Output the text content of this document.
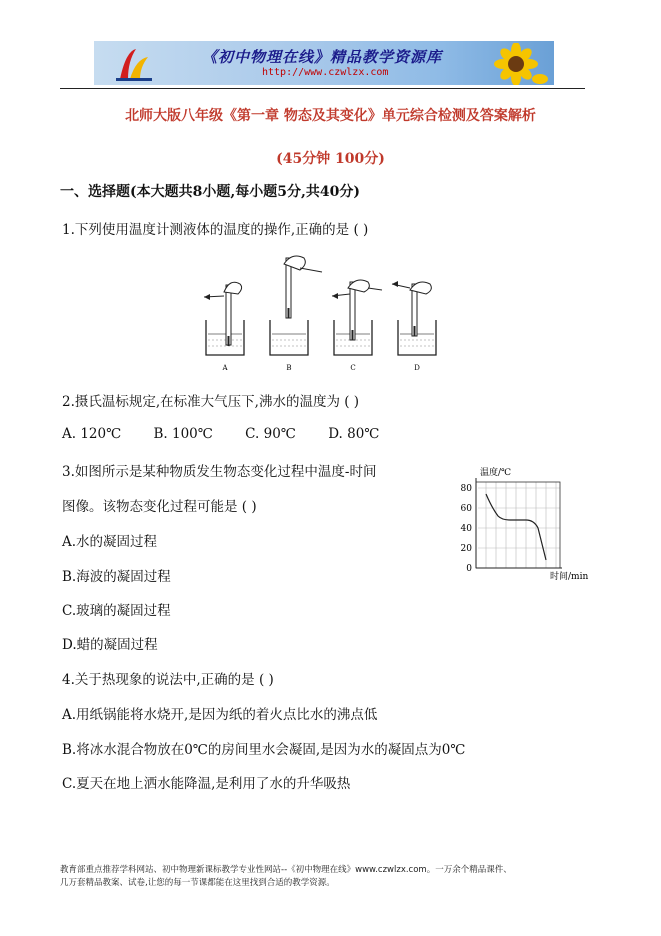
《初中物理在线》精品教学资源库
http://www.czwlzx.com
北师大版八年级《第一章 物态及其变化》单元综合检测及答案解析
(45分钟 100分)
一、选择题(本大题共8小题,每小题5分,共40分)
1.下列使用温度计测液体的温度的操作,正确的是 ( )
A	B	C	D
2.摄氏温标规定,在标准大气压下,沸水的温度为 ( )
A. 120℃ B. 100℃ C. 90℃ D. 80℃
3.如图所示是某种物质发生物态变化过程中温度-时间
图像。该物态变化过程可能是 ( )
A.水的凝固过程
B.海波的凝固过程
C.玻璃的凝固过程
D.蜡的凝固过程
温度/℃
时间/min
80
60
40
20
0
4.关于热现象的说法中,正确的是 ( )
A.用纸锅能将水烧开,是因为纸的着火点比水的沸点低
B.将冰水混合物放在0℃的房间里水会凝固,是因为水的凝固点为0℃
C.夏天在地上洒水能降温,是利用了水的升华吸热
教育部重点推荐学科网站、初中物理新课标教学专业性网站--《初中物理在线》www.czwlzx.com。一万余个精品课件、
几万套精品教案、试卷,让您的每一节课都能在这里找到合适的教学资源。
